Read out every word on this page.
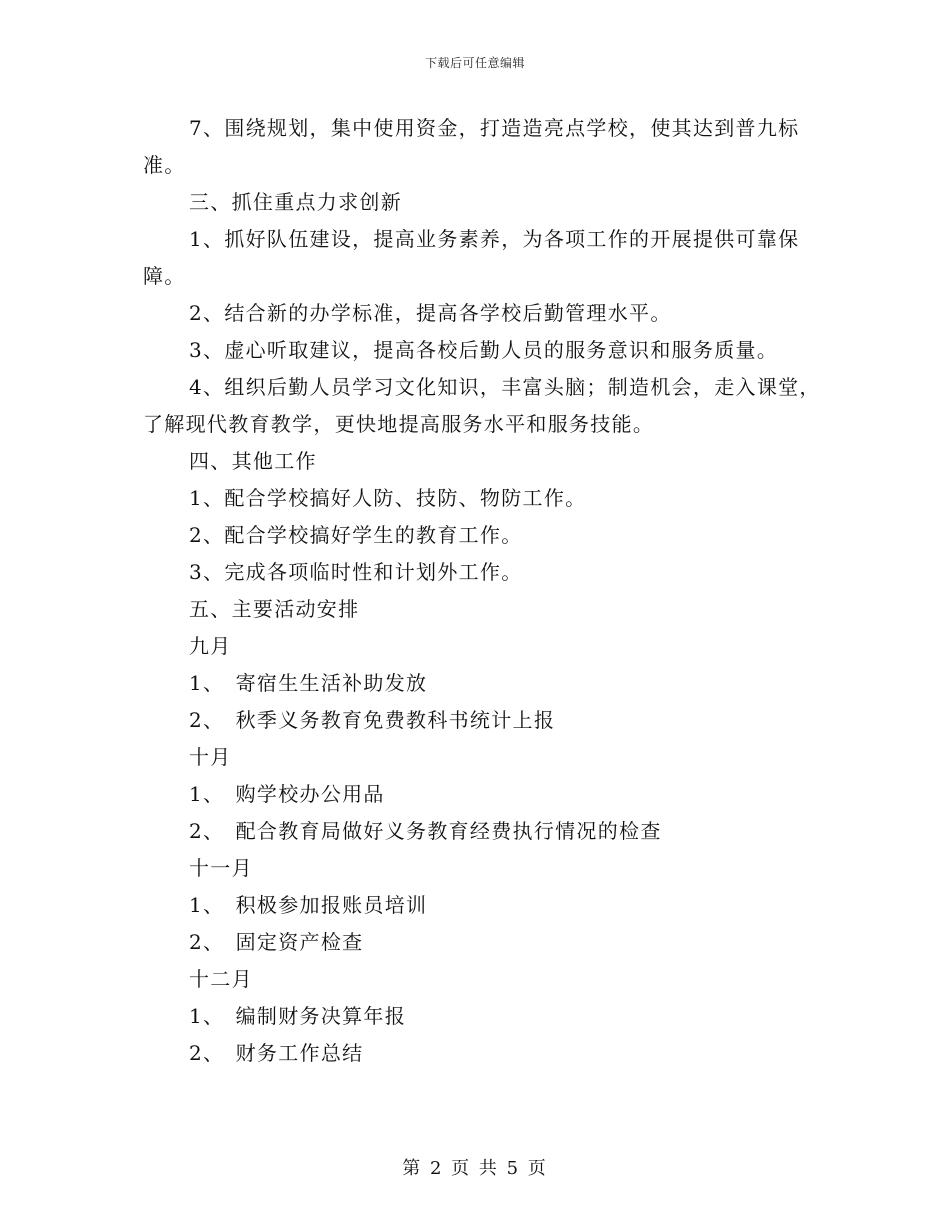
下载后可任意编辑

7、围绕规划，集中使用资金，打造造亮点学校，使其达到普九标准。

三、抓住重点力求创新

1、抓好队伍建设，提高业务素养，为各项工作的开展提供可靠保障。

2、结合新的办学标准，提高各学校后勤管理水平。

3、虚心听取建议，提高各校后勤人员的服务意识和服务质量。

4、组织后勤人员学习文化知识，丰富头脑；制造机会，走入课堂，了解现代教育教学，更快地提高服务水平和服务技能。

四、其他工作

1、配合学校搞好人防、技防、物防工作。

2、配合学校搞好学生的教育工作。

3、完成各项临时性和计划外工作。

五、主要活动安排

九月

1、　寄宿生生活补助发放

2、　秋季义务教育免费教科书统计上报

十月

1、　购学校办公用品

2、　配合教育局做好义务教育经费执行情况的检查

十一月

1、　积极参加报账员培训

2、　固定资产检查

十二月

1、　编制财务决算年报

2、　财务工作总结

第 2 页 共 5 页
